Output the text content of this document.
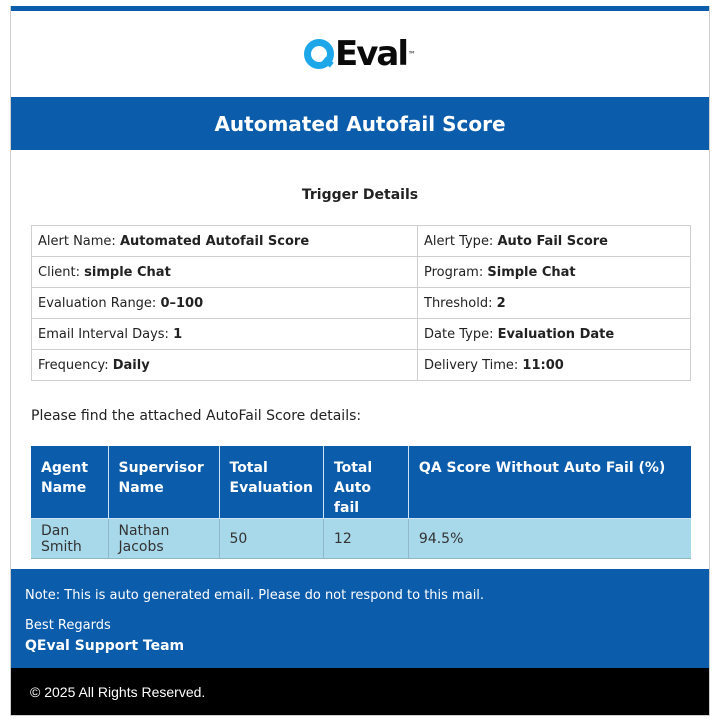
Eval ™
Automated Autofail Score
Trigger Details
Alert Name: Automated Autofail Score	Alert Type: Auto Fail Score
Client: simple Chat	Program: Simple Chat
Evaluation Range: 0–100	Threshold: 2
Email Interval Days: 1	Date Type: Evaluation Date
Frequency: Daily	Delivery Time: 11:00
Please find the attached AutoFail Score details:
Agent Name	Supervisor Name	Total Evaluation	Total Auto fail	QA Score Without Auto Fail (%)
Dan Smith	Nathan Jacobs	50	12	94.5%
Note: This is auto generated email. Please do not respond to this mail.
Best Regards
QEval Support Team
© 2025 All Rights Reserved.
